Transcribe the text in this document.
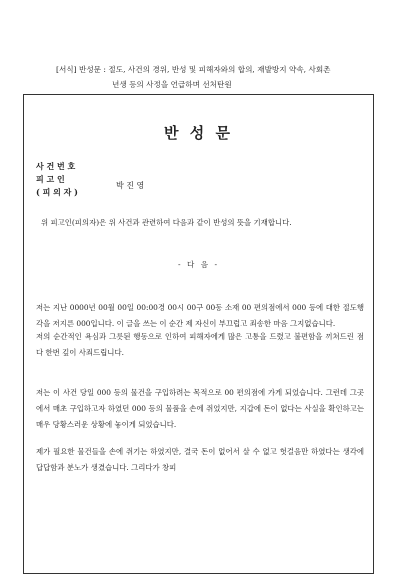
[서식] 반성문 : 절도, 사건의 경위, 반성 및 피해자와의 합의, 재발방지 약속, 사회촌
년생 등의 사정을 언급하며 선처탄원
반 성 문
사 건 번 호
피 고 인
( 피 의 자 )
박 진 영
위 피고인(피의자)은 위 사건과 관련하여 다음과 같이 반성의 뜻을 기재합니다.
- 다 음 -
저는 지난 0000년 00월 00일 00:00경 00시 00구 00동 소재 00 편의점에서 000 등에 대한 절도행각을 저지른 000입니다. 이 글을 쓰는 이 순간 제 자신이 부끄럽고 죄송한 마음 그지없습니다.
저의 순간적인 욕심과 그릇된 행동으로 인하여 피해자에게 많은 고통을 드렸고 불편함을 끼쳐드린 점 다 한번 깊이 사죄드립니다.
저는 이 사건 당일 000 등의 물건을 구입하려는 목적으로 00 편의점에 가게 되었습니다. 그런데 그곳에서 매초 구입하고자 하였던 000 등의 물품을 손에 쥐었지만, 지갑에 돈이 없다는 사실을 확인하고는 매우 당황스러운 상황에 놓이게 되었습니다.
제가 필요한 물건들을 손에 쥐기는 하였지만, 결국 돈이 없어서 살 수 없고 헛걸음만 하였다는 생각에 답답함과 분노가 생겼습니다. 그리다가 창피
